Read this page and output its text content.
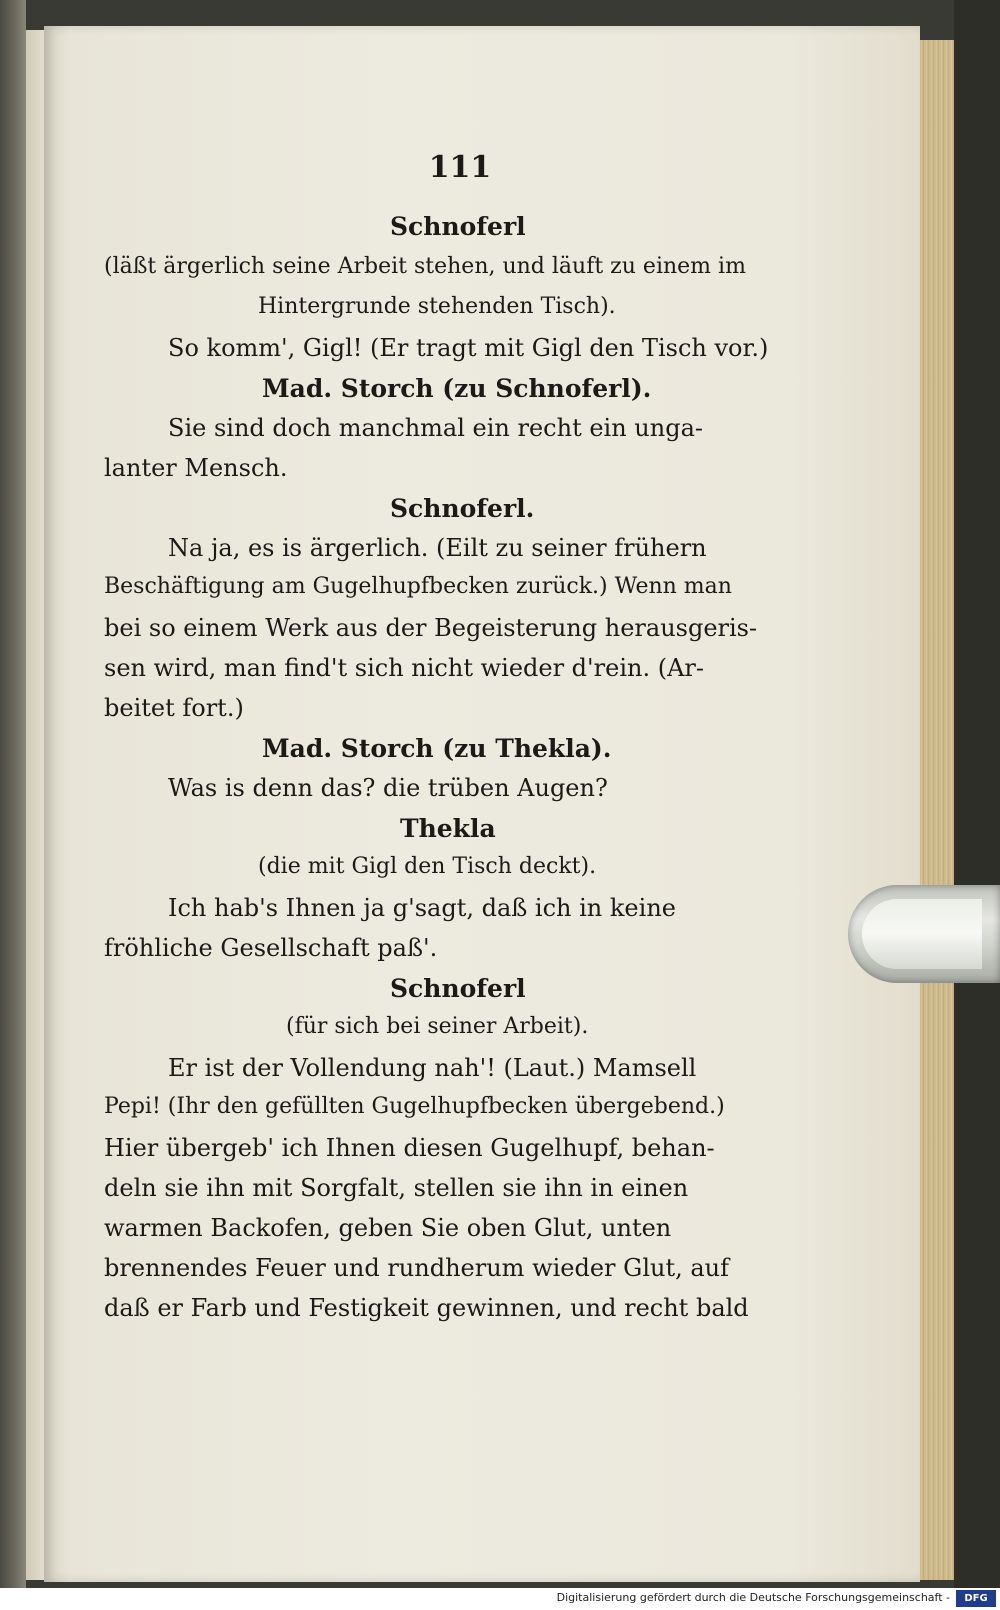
111
Schnoferl
(läßt ärgerlich seine Arbeit stehen, und läuft zu einem im
Hintergrunde stehenden Tisch).
So komm', Gigl! (Er tragt mit Gigl den Tisch vor.)
Mad. Storch (zu Schnoferl).
Sie sind doch manchmal ein recht ein unga-
lanter Mensch.
Schnoferl.
Na ja, es is ärgerlich. (Eilt zu seiner frühern
Beschäftigung am Gugelhupfbecken zurück.) Wenn man
bei so einem Werk aus der Begeisterung herausgeris-
sen wird, man find't sich nicht wieder d'rein. (Ar-
beitet fort.)
Mad. Storch (zu Thekla).
Was is denn das? die trüben Augen?
Thekla
(die mit Gigl den Tisch deckt).
Ich hab's Ihnen ja g'sagt, daß ich in keine
fröhliche Gesellschaft paß'.
Schnoferl
(für sich bei seiner Arbeit).
Er ist der Vollendung nah'! (Laut.) Mamsell
Pepi! (Ihr den gefüllten Gugelhupfbecken übergebend.)
Hier übergeb' ich Ihnen diesen Gugelhupf, behan-
deln sie ihn mit Sorgfalt, stellen sie ihn in einen
warmen Backofen, geben Sie oben Glut, unten
brennendes Feuer und rundherum wieder Glut, auf
daß er Farb und Festigkeit gewinnen, und recht bald
Digitalisierung gefördert durch die Deutsche Forschungsgemeinschaft -	DFG
